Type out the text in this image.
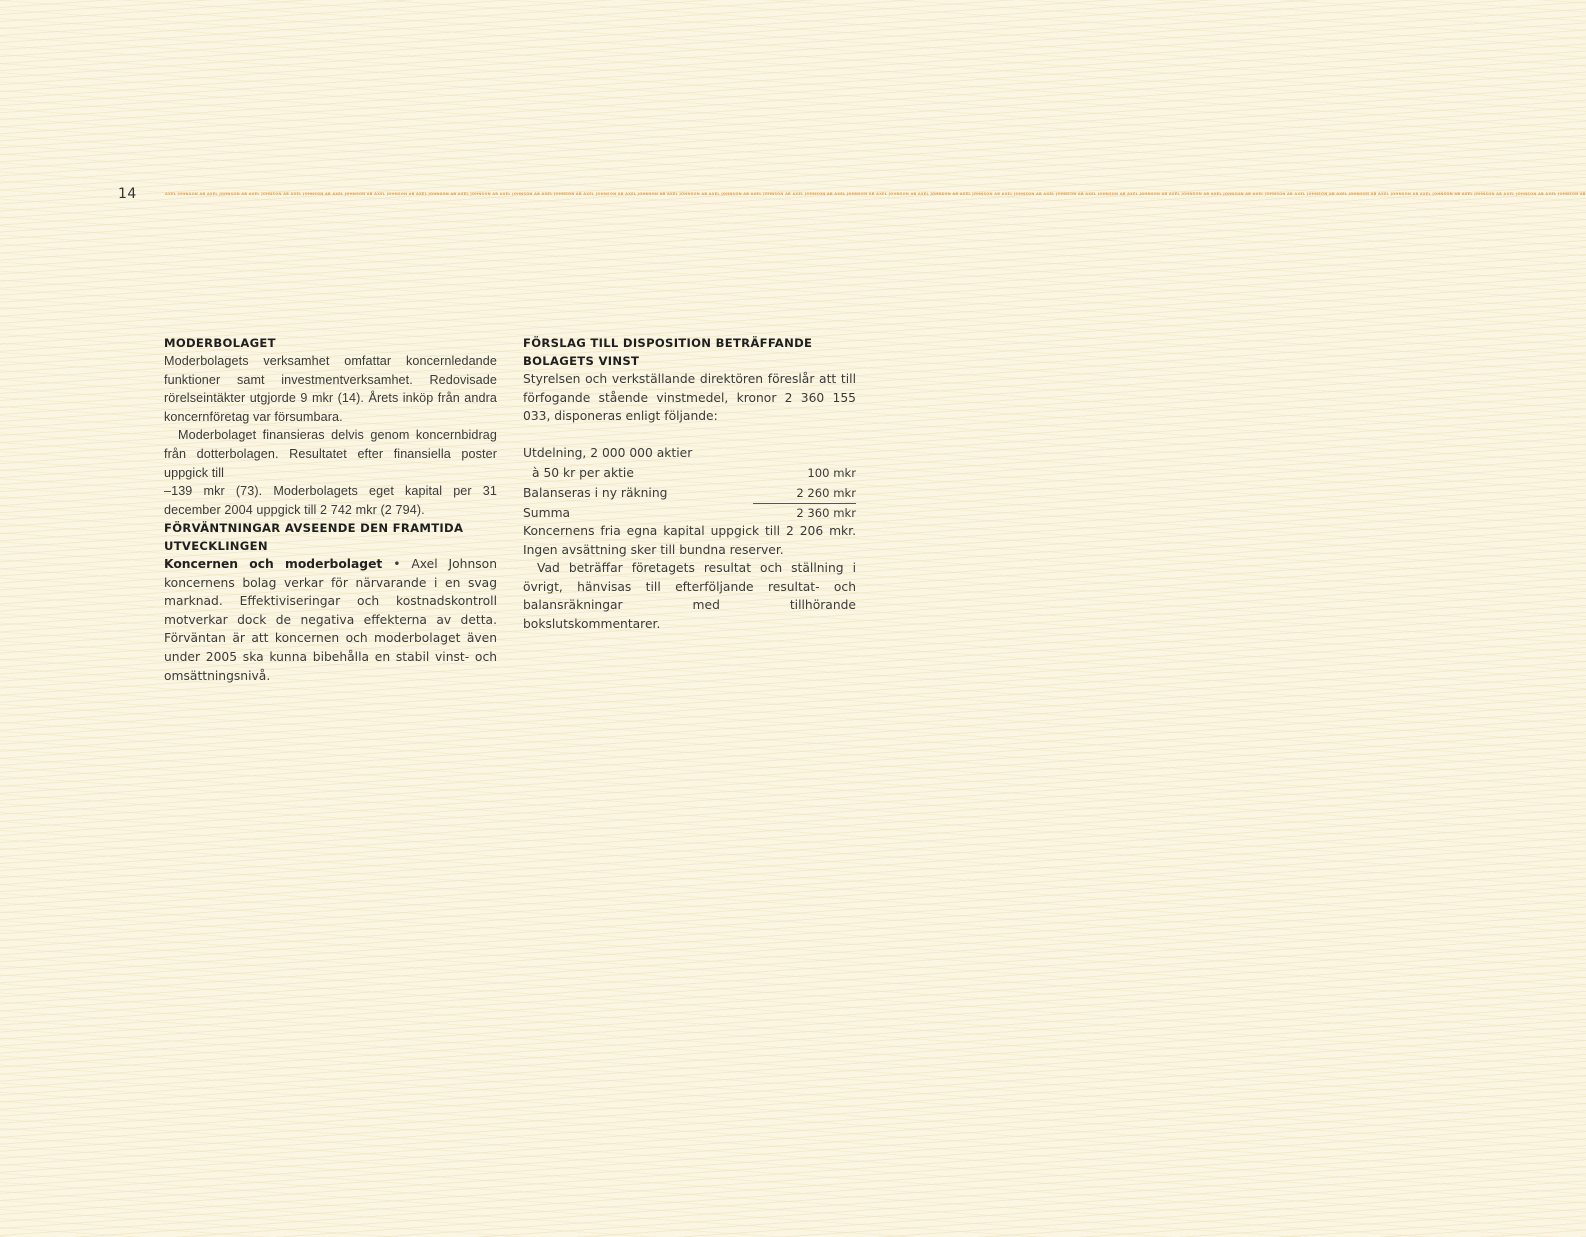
14	AXEL JOHNSON AB AXEL JOHNSON AB AXEL JOHNSON AB AXEL JOHNSON AB AXEL JOHNSON AB AXEL JOHNSON AB AXEL JOHNSON AB AXEL JOHNSON AB AXEL JOHNSON AB AXEL JOHNSON AB AXEL JOHNSON AB AXEL JOHNSON AB AXEL JOHNSON AB AXEL JOHNSON AB AXEL JOHNSON AB AXEL JOHNSON AB AXEL JOHNSON AB AXEL JOHNSON AB AXEL JOHNSON AB AXEL JOHNSON AB AXEL JOHNSON AB AXEL JOHNSON AB AXEL JOHNSON AB AXEL JOHNSON AB AXEL JOHNSON AB AXEL JOHNSON AB AXEL JOHNSON AB AXEL JOHNSON AB AXEL JOHNSON AB AXEL JOHNSON AB AXEL JOHNSON AB AXEL JOHNSON AB AXEL JOHNSON AB AXEL JOHNSON AB
MODERBOLAGET

Moderbolagets verksamhet omfattar koncernledande funktioner samt investmentverksamhet. Redovisade rörelseintäkter utgjorde 9 mkr (14). Årets inköp från andra koncernföretag var försumbara.

Moderbolaget finansieras delvis genom koncernbidrag från dotterbolagen. Resultatet efter finansiella poster uppgick till

–139 mkr (73). Moderbolagets eget kapital per 31 december 2004 uppgick till 2 742 mkr (2 794).

FÖRVÄNTNINGAR AVSEENDE DEN FRAMTIDA UTVECKLINGEN

Koncernen och moderbolaget • Axel Johnson koncernens bolag verkar för närvarande i en svag marknad. Effektiviseringar och kostnadskontroll motverkar dock de negativa effekterna av detta. Förväntan är att koncernen och moderbolaget även under 2005 ska kunna bibehålla en stabil vinst- och omsättningsnivå.

FÖRSLAG TILL DISPOSITION BETRÄFFANDE BOLAGETS VINST

Styrelsen och verkställande direktören föreslår att till förfogande stående vinstmedel, kronor 2 360 155 033, disponeras enligt följande:

Utdelning, 2 000 000 aktier
à 50 kr per aktie	100 mkr
Balanseras i ny räkning	2 260 mkr
Summa	2 360 mkr

Koncernens fria egna kapital uppgick till 2 206 mkr. Ingen avsättning sker till bundna reserver.

Vad beträffar företagets resultat och ställning i övrigt, hänvisas till efterföljande resultat- och balansräkningar med tillhörande bokslutskommentarer.
